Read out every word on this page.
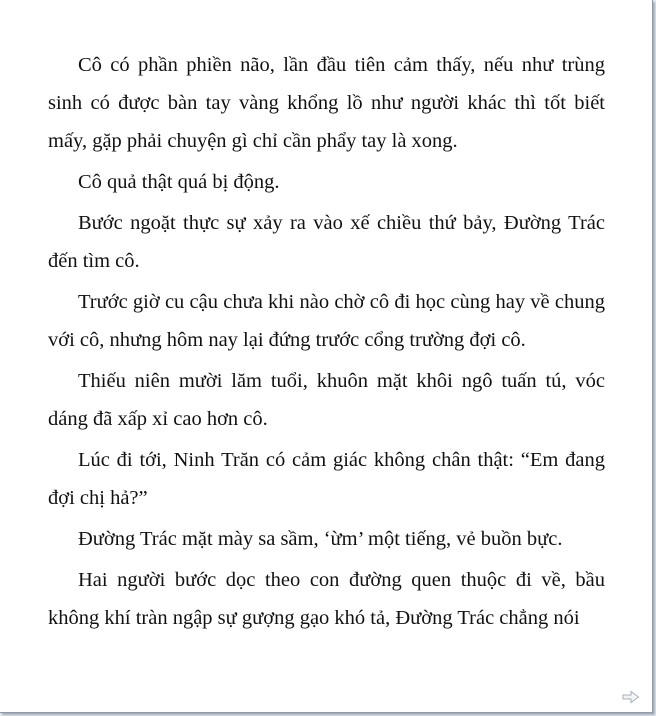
Cô có phần phiền não, lần đầu tiên cảm thấy, nếu như trùng sinh có được bàn tay vàng khổng lồ như người khác thì tốt biết mấy, gặp phải chuyện gì chỉ cần phẩy tay là xong.

Cô quả thật quá bị động.

Bước ngoặt thực sự xảy ra vào xế chiều thứ bảy, Đường Trác đến tìm cô.

Trước giờ cu cậu chưa khi nào chờ cô đi học cùng hay về chung với cô, nhưng hôm nay lại đứng trước cổng trường đợi cô.

Thiếu niên mười lăm tuổi, khuôn mặt khôi ngô tuấn tú, vóc dáng đã xấp xỉ cao hơn cô.

Lúc đi tới, Ninh Trăn có cảm giác không chân thật: “Em đang đợi chị hả?”

Đường Trác mặt mày sa sầm, ‘ừm’ một tiếng, vẻ buồn bực.

Hai người bước dọc theo con đường quen thuộc đi về, bầu không khí tràn ngập sự gượng gạo khó tả, Đường Trác chẳng nói
